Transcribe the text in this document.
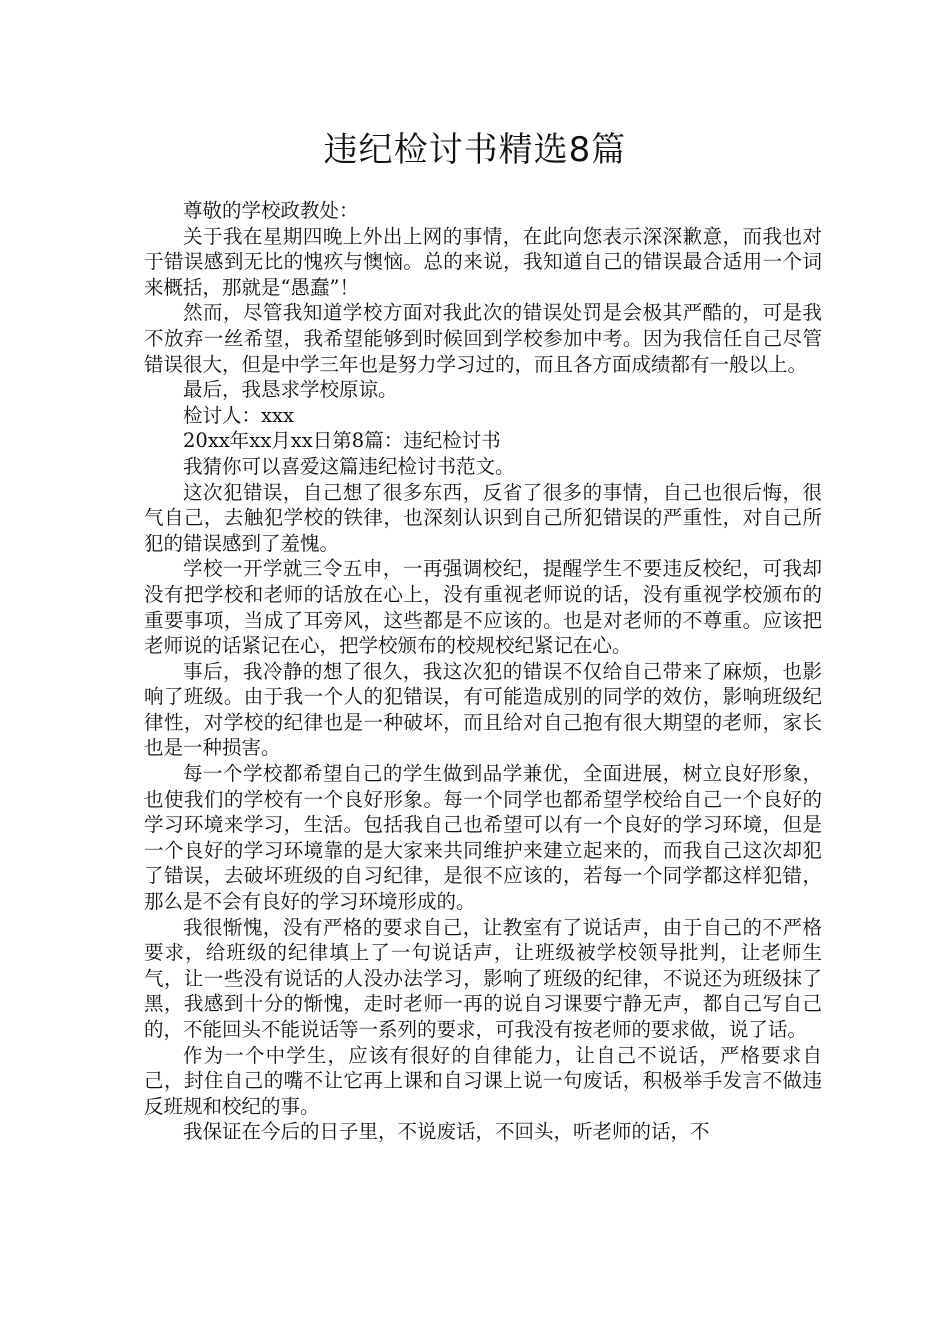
违纪检讨书精选8篇

尊敬的学校政教处：

关于我在星期四晚上外出上网的事情，在此向您表示深深歉意，而我也对于错误感到无比的愧疚与懊恼。总的来说，我知道自己的错误最合适用一个词来概括，那就是“愚蠢”！

然而，尽管我知道学校方面对我此次的错误处罚是会极其严酷的，可是我不放弃一丝希望，我希望能够到时候回到学校参加中考。因为我信任自己尽管错误很大，但是中学三年也是努力学习过的，而且各方面成绩都有一般以上。

最后，我恳求学校原谅。

检讨人：xxx

20xx年xx月xx日第8篇：违纪检讨书

我猜你可以喜爱这篇违纪检讨书范文。

这次犯错误，自己想了很多东西，反省了很多的事情，自己也很后悔，很气自己，去触犯学校的铁律，也深刻认识到自己所犯错误的严重性，对自己所犯的错误感到了羞愧。

学校一开学就三令五申，一再强调校纪，提醒学生不要违反校纪，可我却没有把学校和老师的话放在心上，没有重视老师说的话，没有重视学校颁布的重要事项，当成了耳旁风，这些都是不应该的。也是对老师的不尊重。应该把老师说的话紧记在心，把学校颁布的校规校纪紧记在心。

事后，我冷静的想了很久，我这次犯的错误不仅给自己带来了麻烦，也影响了班级。由于我一个人的犯错误，有可能造成别的同学的效仿，影响班级纪律性，对学校的纪律也是一种破坏，而且给对自己抱有很大期望的老师，家长也是一种损害。

每一个学校都希望自己的学生做到品学兼优，全面进展，树立良好形象，也使我们的学校有一个良好形象。每一个同学也都希望学校给自己一个良好的学习环境来学习，生活。包括我自己也希望可以有一个良好的学习环境，但是一个良好的学习环境靠的是大家来共同维护来建立起来的，而我自己这次却犯了错误，去破坏班级的自习纪律，是很不应该的，若每一个同学都这样犯错，那么是不会有良好的学习环境形成的。

我很惭愧，没有严格的要求自己，让教室有了说话声，由于自己的不严格要求，给班级的纪律填上了一句说话声，让班级被学校领导批判，让老师生气，让一些没有说话的人没办法学习，影响了班级的纪律，不说还为班级抹了黑，我感到十分的惭愧，走时老师一再的说自习课要宁静无声，都自己写自己的，不能回头不能说话等一系列的要求，可我没有按老师的要求做，说了话。

作为一个中学生，应该有很好的自律能力，让自己不说话，严格要求自己，封住自己的嘴不让它再上课和自习课上说一句废话，积极举手发言不做违反班规和校纪的事。

我保证在今后的日子里，不说废话，不回头，听老师的话，不
